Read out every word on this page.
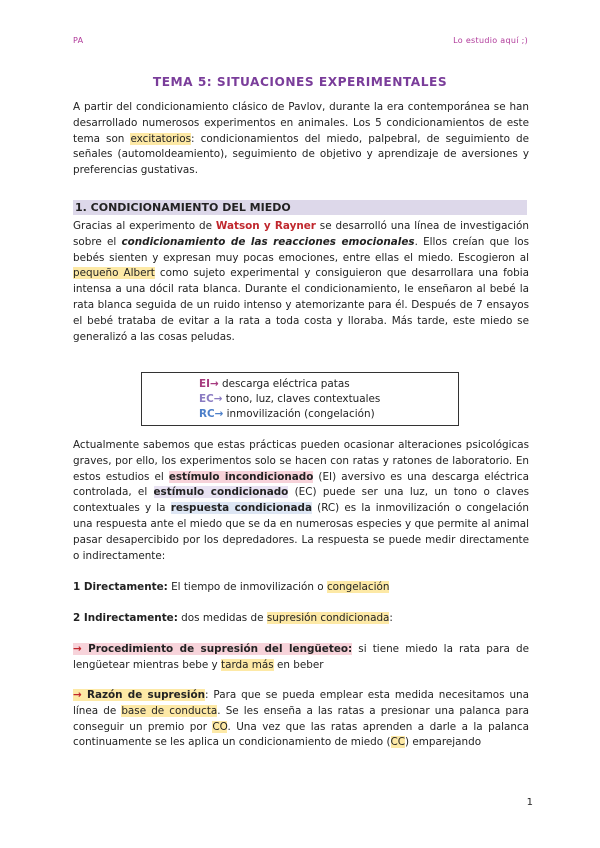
PA	Lo estudio aquí ;)
TEMA 5: SITUACIONES EXPERIMENTALES
A partir del condicionamiento clásico de Pavlov, durante la era contemporánea se han desarrollado numerosos experimentos en animales. Los 5 condicionamientos de este tema son excitatorios: condicionamientos del miedo, palpebral, de seguimiento de señales (automoldeamiento), seguimiento de objetivo y aprendizaje de aversiones y preferencias gustativas.
1. CONDICIONAMIENTO DEL MIEDO
Gracias al experimento de Watson y Rayner se desarrolló una línea de investigación sobre el condicionamiento de las reacciones emocionales. Ellos creían que los bebés sienten y expresan muy pocas emociones, entre ellas el miedo. Escogieron al pequeño Albert como sujeto experimental y consiguieron que desarrollara una fobia intensa a una dócil rata blanca. Durante el condicionamiento, le enseñaron al bebé la rata blanca seguida de un ruido intenso y atemorizante para él. Después de 7 ensayos el bebé trataba de evitar a la rata a toda costa y lloraba. Más tarde, este miedo se generalizó a las cosas peludas.
EI→ descarga eléctrica patas
EC→ tono, luz, claves contextuales
RC→ inmovilización (congelación)
Actualmente sabemos que estas prácticas pueden ocasionar alteraciones psicológicas graves, por ello, los experimentos solo se hacen con ratas y ratones de laboratorio. En estos estudios el estímulo incondicionado (EI) aversivo es una descarga eléctrica controlada, el estímulo condicionado (EC) puede ser una luz, un tono o claves contextuales y la respuesta condicionada (RC) es la inmovilización o congelación una respuesta ante el miedo que se da en numerosas especies y que permite al animal pasar desapercibido por los depredadores. La respuesta se puede medir directamente o indirectamente:
1 Directamente: El tiempo de inmovilización o congelación
2 Indirectamente: dos medidas de supresión condicionada:
→ Procedimiento de supresión del lengüeteo: si tiene miedo la rata para de lengüetear mientras bebe y tarda más en beber
→ Razón de supresión: Para que se pueda emplear esta medida necesitamos una línea de base de conducta. Se les enseña a las ratas a presionar una palanca para conseguir un premio por CO. Una vez que las ratas aprenden a darle a la palanca continuamente se les aplica un condicionamiento de miedo (CC) emparejando
1
